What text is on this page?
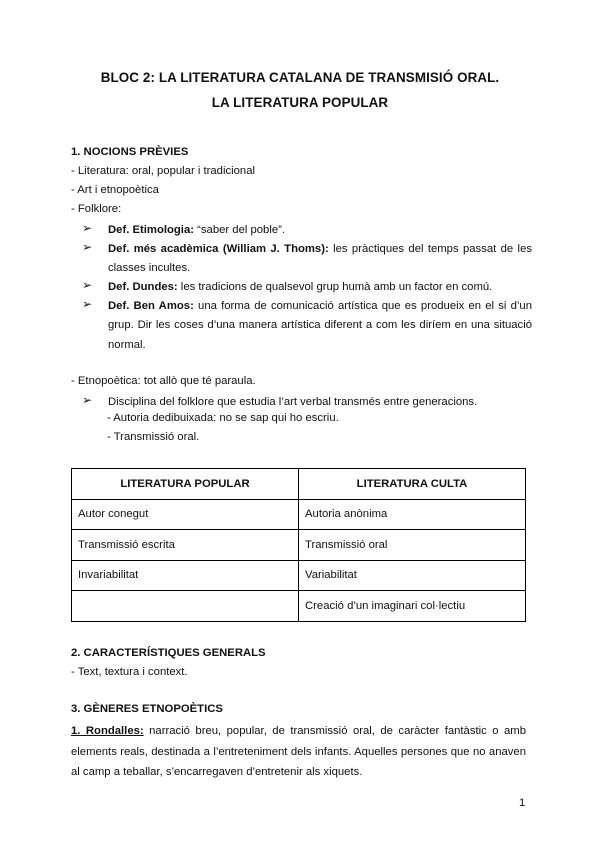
BLOC 2: LA LITERATURA CATALANA DE TRANSMISIÓ ORAL.
LA LITERATURA POPULAR
1. NOCIONS PRÈVIES
- Literatura: oral, popular i tradicional
- Art i etnopoètica
- Folklore:
➢ Def. Etimologia: “saber del poble”.
➢ Def. més acadèmica (William J. Thoms): les pràctiques del temps passat de les classes incultes.
➢ Def. Dundes: les tradicions de qualsevol grup humà amb un factor en comú.
➢ Def. Ben Amos: una forma de comunicació artística que es produeix en el si d’un grup. Dir les coses d’una manera artística diferent a com les diríem en una situació normal.
- Etnopoètica: tot allò que té paraula.
➢ Disciplina del folklore que estudia l’art verbal transmés entre generacions.
- Autoria dedibuixada: no se sap qui ho escriu.
- Transmissió oral.
LITERATURA POPULAR	LITERATURA CULTA
Autor conegut	Autoria anònima
Transmissió escrita	Transmissió oral
Invariabilitat	Variabilitat
	Creació d’un imaginari col·lectiu
2. CARACTERÍSTIQUES GENERALS
- Text, textura i context.
3. GÈNERES ETNOPOÈTICS
1. Rondalles: narració breu, popular, de transmissió oral, de caràcter fantàstic o amb elements reals, destinada a l’entreteniment dels infants. Aquelles persones que no anaven al camp a teballar, s’encarregaven d’entretenir als xiquets.
1
